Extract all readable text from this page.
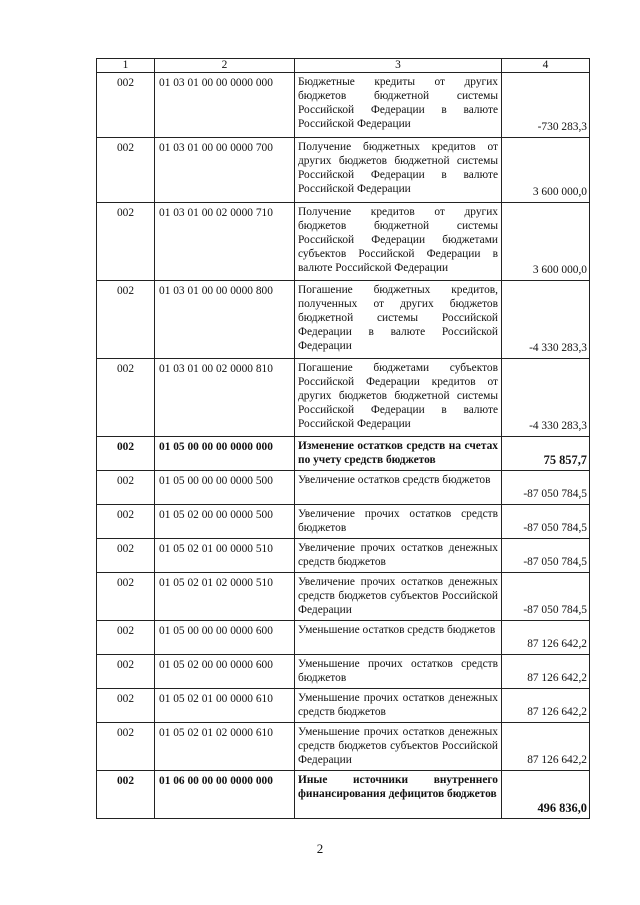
1	2	3	4
002	01 03 01 00 00 0000 000	Бюджетные кредиты от других бюджетов бюджетной системы Российской Федерации в валюте Российской Федерации	-730 283,3
002	01 03 01 00 00 0000 700	Получение бюджетных кредитов от других бюджетов бюджетной системы Российской Федерации в валюте Российской Федерации	3 600 000,0
002	01 03 01 00 02 0000 710	Получение кредитов от других бюджетов бюджетной системы Российской Федерации бюджетами субъектов Российской Федерации в валюте Российской Федерации	3 600 000,0
002	01 03 01 00 00 0000 800	Погашение бюджетных кредитов, полученных от других бюджетов бюджетной системы Российской Федерации в валюте Российской Федерации	-4 330 283,3
002	01 03 01 00 02 0000 810	Погашение бюджетами субъектов Российской Федерации кредитов от других бюджетов бюджетной системы Российской Федерации в валюте Российской Федерации	-4 330 283,3
002	01 05 00 00 00 0000 000	Изменение остатков средств на счетах по учету средств бюджетов	75 857,7
002	01 05 00 00 00 0000 500	Увеличение остатков средств бюджетов	-87 050 784,5
002	01 05 02 00 00 0000 500	Увеличение прочих остатков средств бюджетов	-87 050 784,5
002	01 05 02 01 00 0000 510	Увеличение прочих остатков денежных средств бюджетов	-87 050 784,5
002	01 05 02 01 02 0000 510	Увеличение прочих остатков денежных средств бюджетов субъектов Российской Федерации	-87 050 784,5
002	01 05 00 00 00 0000 600	Уменьшение остатков средств бюджетов	87 126 642,2
002	01 05 02 00 00 0000 600	Уменьшение прочих остатков средств бюджетов	87 126 642,2
002	01 05 02 01 00 0000 610	Уменьшение прочих остатков денежных средств бюджетов	87 126 642,2
002	01 05 02 01 02 0000 610	Уменьшение прочих остатков денежных средств бюджетов субъектов Российской Федерации	87 126 642,2
002	01 06 00 00 00 0000 000	Иные источники внутреннего финансирования дефицитов бюджетов	496 836,0
2
